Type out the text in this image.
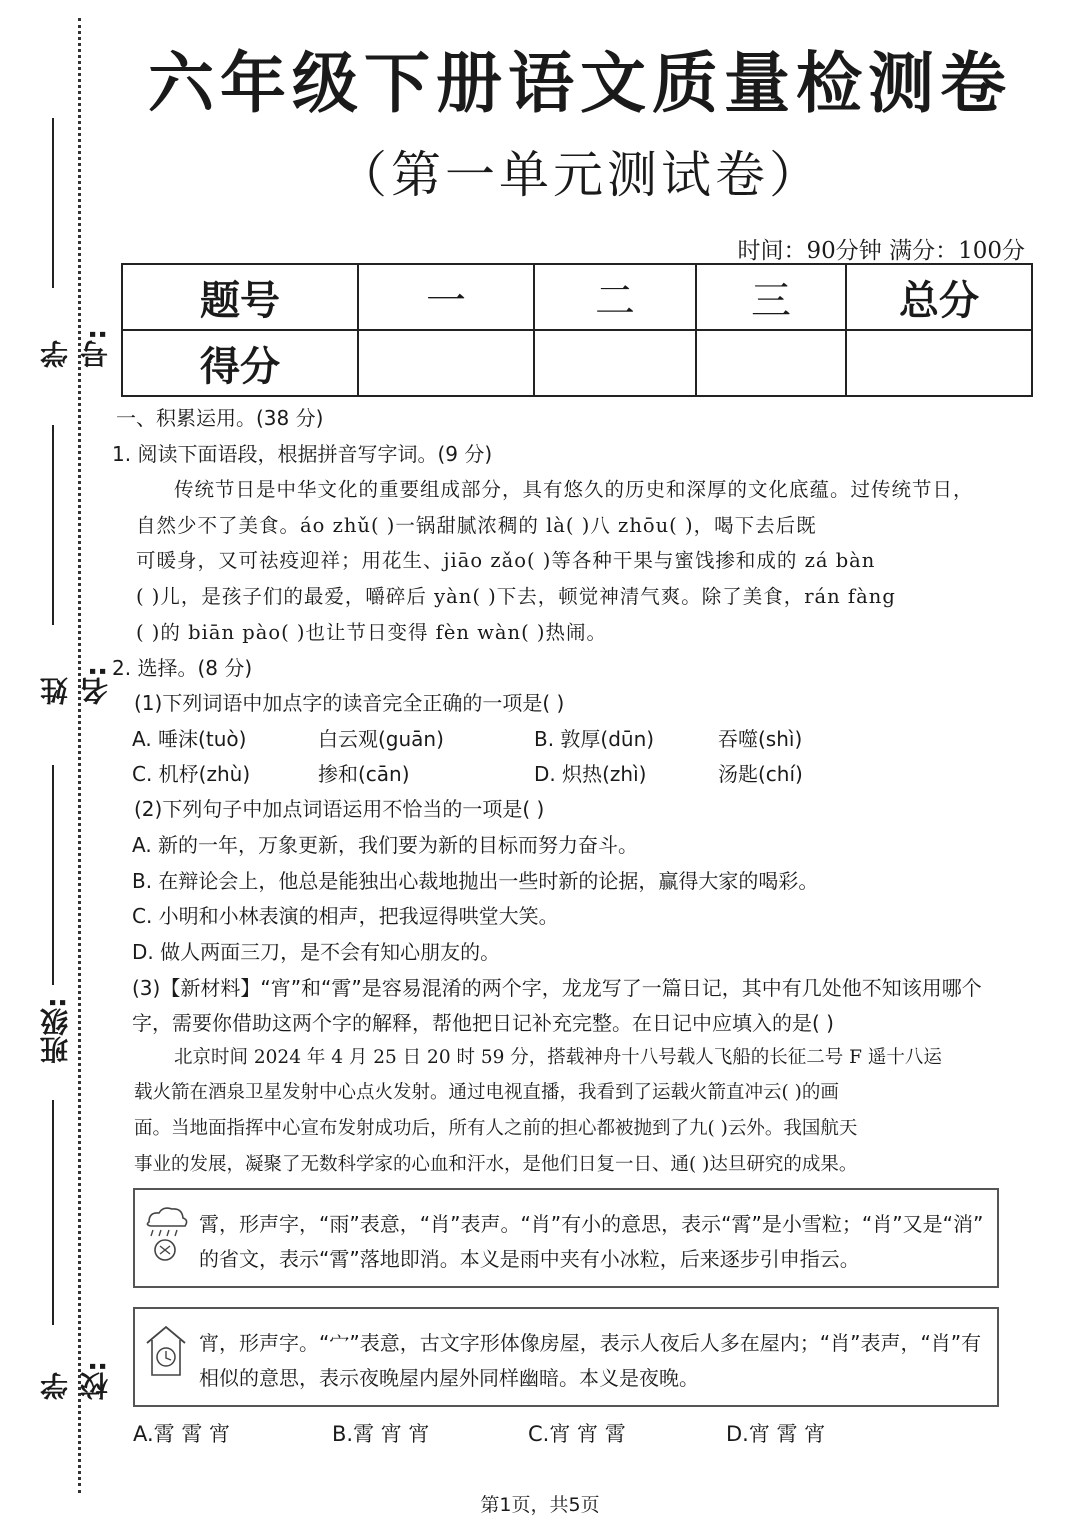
学号:
姓名:
班级:
学校:
六年级下册语文质量检测卷
（第一单元测试卷）
时间：90分钟 满分：100分
题号	一	二	三	总分
得分				
一、积累运用。(38 分)
1. 阅读下面语段，根据拼音写字词。(9 分)
传统节日是中华文化的重要组成部分，具有悠久的历史和深厚的文化底蕴。过传统节日，
自然少不了美食。áo zhǔ( )一锅甜腻浓稠的 là( )八 zhōu( )，喝下去后既
可暖身，又可祛疫迎祥；用花生、jiāo zǎo( )等各种干果与蜜饯掺和成的 zá bàn
( )儿，是孩子们的最爱，嚼碎后 yàn( )下去，顿觉神清气爽。除了美食，rán fàng
( )的 biān pào( )也让节日变得 fèn wàn( )热闹。
2. 选择。(8 分)
(1)下列词语中加点字的读音完全正确的一项是( )
A. 唾沫(tuò)	白云观(guān)	B. 敦厚(dūn)	吞噬(shì)
C. 机杼(zhù)	掺和(cān)	D. 炽热(zhì)	汤匙(chí)
(2)下列句子中加点词语运用不恰当的一项是( )
A. 新的一年，万象更新，我们要为新的目标而努力奋斗。
B. 在辩论会上，他总是能独出心裁地抛出一些时新的论据，赢得大家的喝彩。
C. 小明和小林表演的相声，把我逗得哄堂大笑。
D. 做人两面三刀，是不会有知心朋友的。
(3)【新材料】“宵”和“霄”是容易混淆的两个字，龙龙写了一篇日记，其中有几处他不知该用哪个
字，需要你借助这两个字的解释，帮他把日记补充完整。在日记中应填入的是( )
北京时间 2024 年 4 月 25 日 20 时 59 分，搭载神舟十八号载人飞船的长征二号 F 遥十八运
载火箭在酒泉卫星发射中心点火发射。通过电视直播，我看到了运载火箭直冲云( )的画
面。当地面指挥中心宣布发射成功后，所有人之前的担心都被抛到了九( )云外。我国航天
事业的发展，凝聚了无数科学家的心血和汗水，是他们日复一日、通( )达旦研究的成果。
霄，形声字，“雨”表意，“肖”表声。“肖”有小的意思，表示“霄”是小雪粒；“肖”又是“消”
的省文，表示“霄”落地即消。本义是雨中夹有小冰粒，后来逐步引申指云。
宵，形声字。“宀”表意，古文字形体像房屋，表示人夜后人多在屋内；“肖”表声，“肖”有
相似的意思，表示夜晚屋内屋外同样幽暗。本义是夜晚。
A.霄 霄 宵	B.霄 宵 宵	C.宵 宵 霄	D.宵 霄 宵
第1页，共5页
